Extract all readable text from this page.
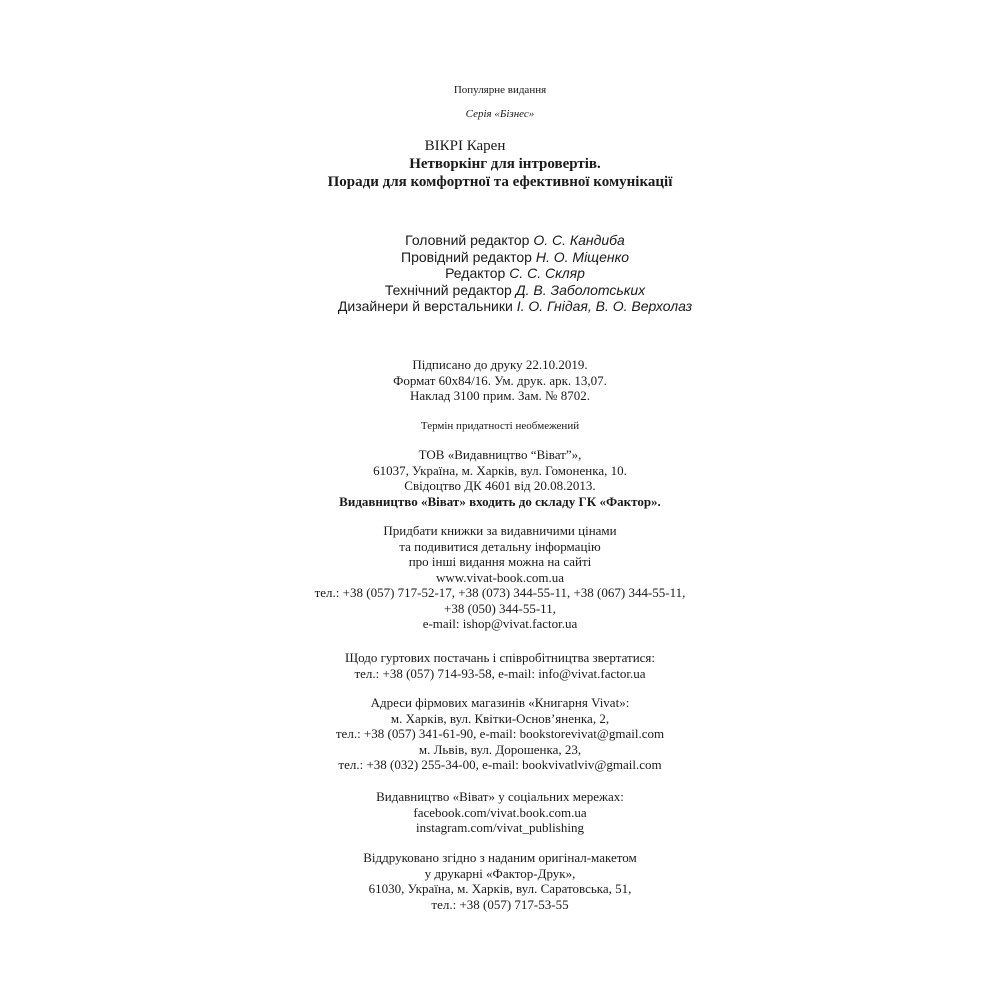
Популярне видання
Серія «Бізнес»
ВІКРІ Карен
Нетворкінг для інтровертів.
Поради для комфортної та ефективної комунікації
Головний редактор О. С. Кандиба
Провідний редактор Н. О. Міщенко
Редактор С. С. Скляр
Технічний редактор Д. В. Заболотських
Дизайнери й верстальники І. О. Гнідая, В. О. Верхолаз
Підписано до друку 22.10.2019.
Формат 60x84/16. Ум. друк. арк. 13,07.
Наклад 3100 прим. Зам. № 8702.
Термін придатності необмежений
ТОВ «Видавництво “Віват”»,
61037, Україна, м. Харків, вул. Гомоненка, 10.
Свідоцтво ДК 4601 від 20.08.2013.
Видавництво «Віват» входить до складу ГК «Фактор».
Придбати книжки за видавничими цінами
та подивитися детальну інформацію
про інші видання можна на сайті
www.vivat-book.com.ua
тел.: +38 (057) 717-52-17, +38 (073) 344-55-11, +38 (067) 344-55-11,
+38 (050) 344-55-11,
e-mail: ishop@vivat.factor.ua
Щодо гуртових постачань і співробітництва звертатися:
тел.: +38 (057) 714-93-58, e-mail: info@vivat.factor.ua
Адреси фірмових магазинів «Книгарня Vivat»:
м. Харків, вул. Квітки-Основ’яненка, 2,
тел.: +38 (057) 341-61-90, e-mail: bookstorevivat@gmail.com
м. Львів, вул. Дорошенка, 23,
тел.: +38 (032) 255-34-00, e-mail: bookvivatlviv@gmail.com
Видавництво «Віват» у соціальних мережах:
facebook.com/vivat.book.com.ua
instagram.com/vivat_publishing
Віддруковано згідно з наданим оригінал-макетом
у друкарні «Фактор-Друк»,
61030, Україна, м. Харків, вул. Саратовська, 51,
тел.: +38 (057) 717-53-55
